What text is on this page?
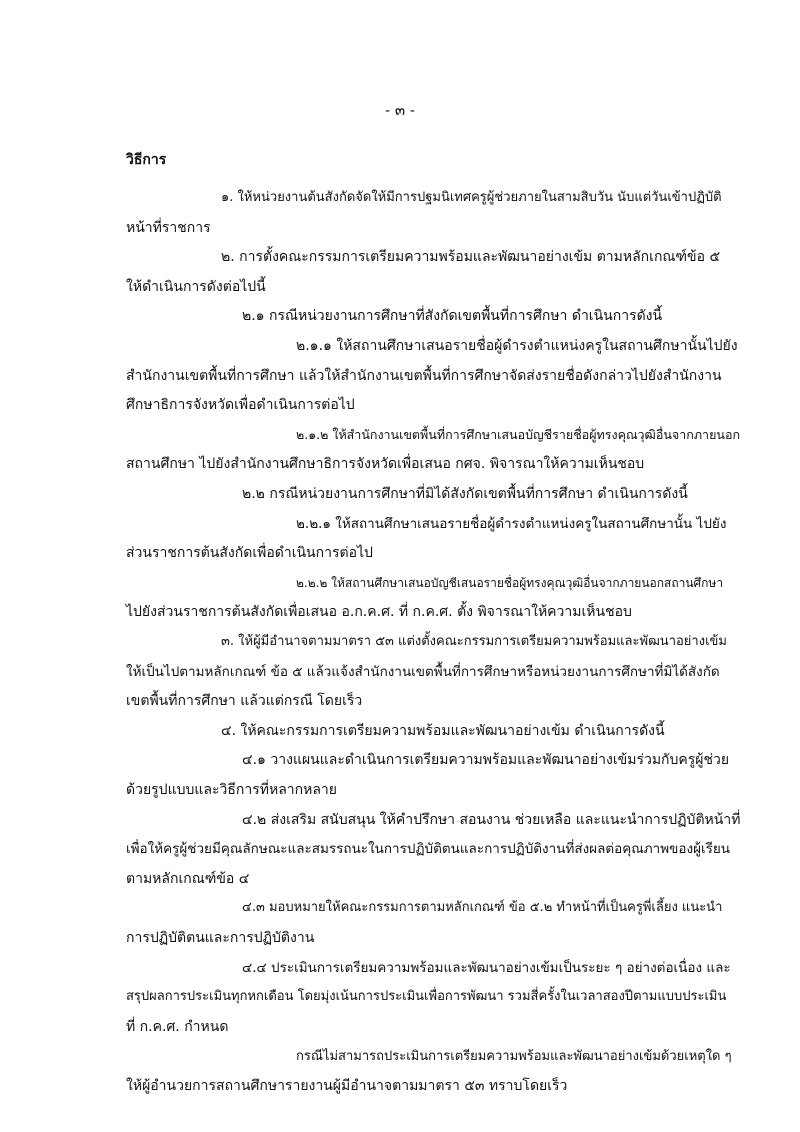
- ๓ -
วิธีการ
๑. ให้หน่วยงานต้นสังกัดจัดให้มีการปฐมนิเทศครูผู้ช่วยภายในสามสิบวัน นับแต่วันเข้าปฏิบัติ
หน้าที่ราชการ
๒. การตั้งคณะกรรมการเตรียมความพร้อมและพัฒนาอย่างเข้ม ตามหลักเกณฑ์ข้อ ๕
ให้ดำเนินการดังต่อไปนี้
๒.๑ กรณีหน่วยงานการศึกษาที่สังกัดเขตพื้นที่การศึกษา ดำเนินการดังนี้
๒.๑.๑ ให้สถานศึกษาเสนอรายชื่อผู้ดำรงตำแหน่งครูในสถานศึกษานั้นไปยัง
สำนักงานเขตพื้นที่การศึกษา แล้วให้สำนักงานเขตพื้นที่การศึกษาจัดส่งรายชื่อดังกล่าวไปยังสำนักงาน
ศึกษาธิการจังหวัดเพื่อดำเนินการต่อไป
๒.๑.๒ ให้สำนักงานเขตพื้นที่การศึกษาเสนอบัญชีรายชื่อผู้ทรงคุณวุฒิอื่นจากภายนอก
สถานศึกษา ไปยังสำนักงานศึกษาธิการจังหวัดเพื่อเสนอ กศจ. พิจารณาให้ความเห็นชอบ
๒.๒ กรณีหน่วยงานการศึกษาที่มิได้สังกัดเขตพื้นที่การศึกษา ดำเนินการดังนี้
๒.๒.๑ ให้สถานศึกษาเสนอรายชื่อผู้ดำรงตำแหน่งครูในสถานศึกษานั้น ไปยัง
ส่วนราชการต้นสังกัดเพื่อดำเนินการต่อไป
๒.๒.๒ ให้สถานศึกษาเสนอบัญชีเสนอรายชื่อผู้ทรงคุณวุฒิอื่นจากภายนอกสถานศึกษา
ไปยังส่วนราชการต้นสังกัดเพื่อเสนอ อ.ก.ค.ศ. ที่ ก.ค.ศ. ตั้ง พิจารณาให้ความเห็นชอบ
๓. ให้ผู้มีอำนาจตามมาตรา ๕๓ แต่งตั้งคณะกรรมการเตรียมความพร้อมและพัฒนาอย่างเข้ม
ให้เป็นไปตามหลักเกณฑ์ ข้อ ๕ แล้วแจ้งสำนักงานเขตพื้นที่การศึกษาหรือหน่วยงานการศึกษาที่มิได้สังกัด
เขตพื้นที่การศึกษา แล้วแต่กรณี โดยเร็ว
๔. ให้คณะกรรมการเตรียมความพร้อมและพัฒนาอย่างเข้ม ดำเนินการดังนี้
๔.๑ วางแผนและดำเนินการเตรียมความพร้อมและพัฒนาอย่างเข้มร่วมกับครูผู้ช่วย
ด้วยรูปแบบและวิธีการที่หลากหลาย
๔.๒ ส่งเสริม สนับสนุน ให้คำปรึกษา สอนงาน ช่วยเหลือ และแนะนำการปฏิบัติหน้าที่
เพื่อให้ครูผู้ช่วยมีคุณลักษณะและสมรรถนะในการปฏิบัติตนและการปฏิบัติงานที่ส่งผลต่อคุณภาพของผู้เรียน
ตามหลักเกณฑ์ข้อ ๔
๔.๓ มอบหมายให้คณะกรรมการตามหลักเกณฑ์ ข้อ ๕.๒ ทำหน้าที่เป็นครูพี่เลี้ยง แนะนำ
การปฏิบัติตนและการปฏิบัติงาน
๔.๔ ประเมินการเตรียมความพร้อมและพัฒนาอย่างเข้มเป็นระยะ ๆ อย่างต่อเนื่อง และ
สรุปผลการประเมินทุกหกเดือน โดยมุ่งเน้นการประเมินเพื่อการพัฒนา รวมสี่ครั้งในเวลาสองปีตามแบบประเมิน
ที่ ก.ค.ศ. กำหนด
กรณีไม่สามารถประเมินการเตรียมความพร้อมและพัฒนาอย่างเข้มด้วยเหตุใด ๆ
ให้ผู้อำนวยการสถานศึกษารายงานผู้มีอำนาจตามมาตรา ๕๓ ทราบโดยเร็ว
